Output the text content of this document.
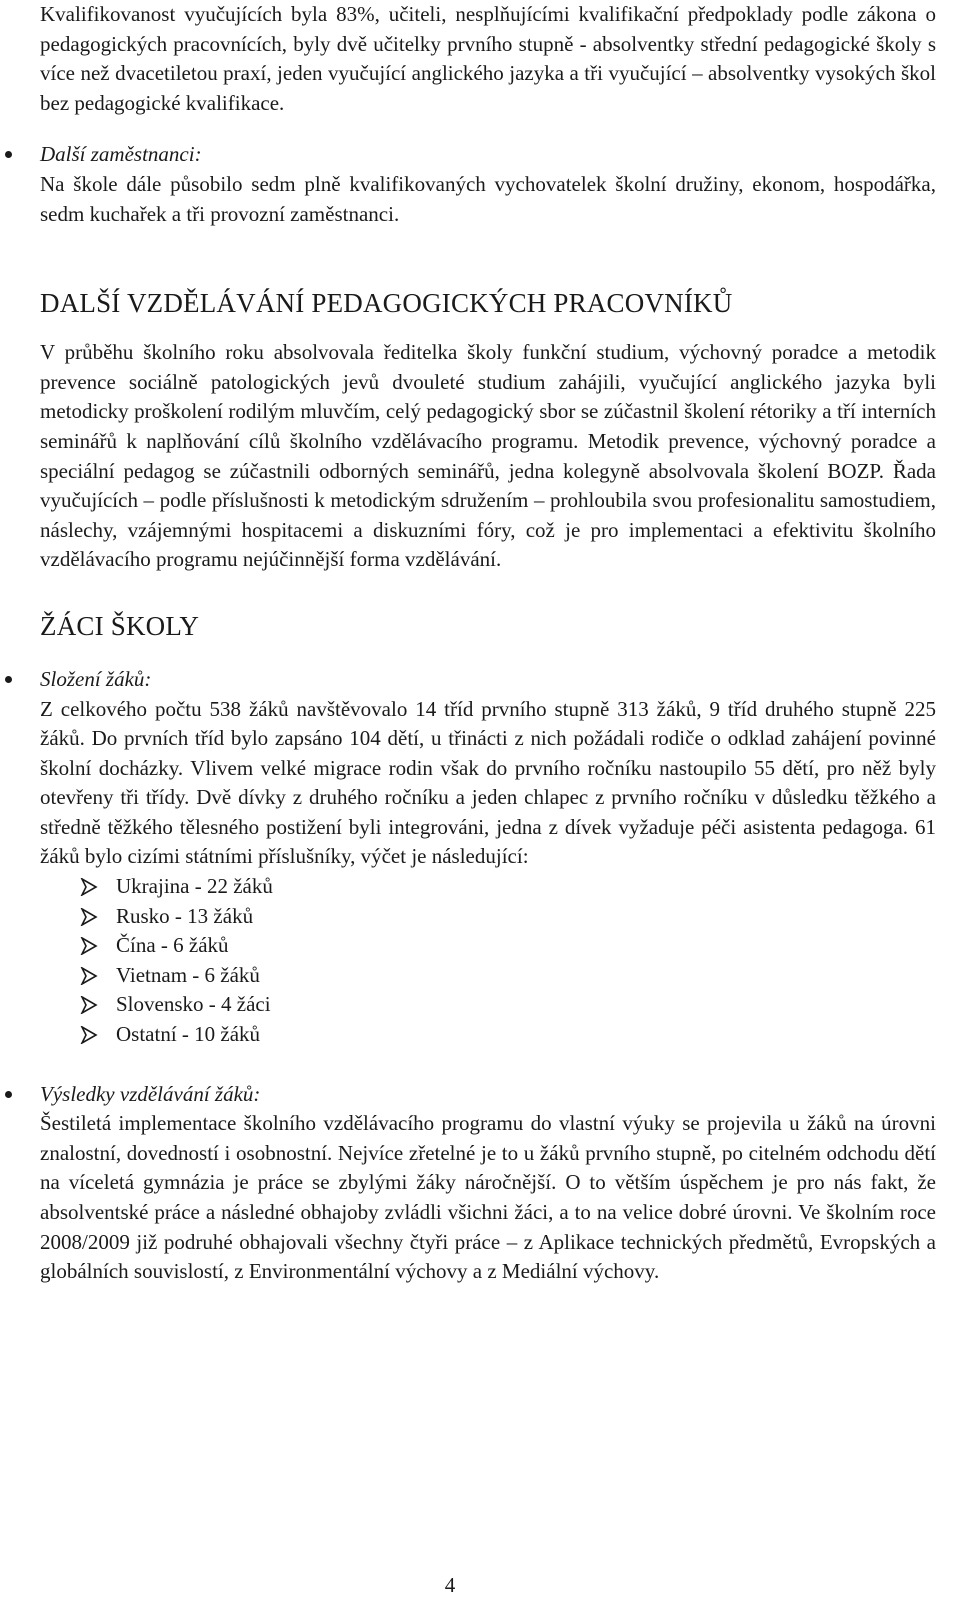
Kvalifikovanost vyučujících byla 83%, učiteli, nesplňujícími kvalifikační předpoklady podle zákona o pedagogických pracovnících, byly dvě učitelky prvního stupně - absolventky střední pedagogické školy s více než dvacetiletou praxí, jeden vyučující anglického jazyka a tři vyučující – absolventky vysokých škol bez pedagogické kvalifikace.

Další zaměstnanci:

Na škole dále působilo sedm plně kvalifikovaných vychovatelek školní družiny, ekonom, hospodářka, sedm kuchařek a tři provozní zaměstnanci.

DALŠÍ VZDĚLÁVÁNÍ PEDAGOGICKÝCH PRACOVNÍKŮ

V průběhu školního roku absolvovala ředitelka školy funkční studium, výchovný poradce a metodik prevence sociálně patologických jevů dvouleté studium zahájili, vyučující anglického jazyka byli metodicky proškolení rodilým mluvčím, celý pedagogický sbor se zúčastnil školení rétoriky a tří interních seminářů k naplňování cílů školního vzdělávacího programu. Metodik prevence, výchovný poradce a speciální pedagog se zúčastnili odborných seminářů, jedna kolegyně absolvovala školení BOZP. Řada vyučujících – podle příslušnosti k metodickým sdružením – prohloubila svou profesionalitu samostudiem, náslechy, vzájemnými hospitacemi a diskuzními fóry, což je pro implementaci a efektivitu školního vzdělávacího programu nejúčinnější forma vzdělávání.

ŽÁCI ŠKOLY

Složení žáků:

Z celkového počtu 538 žáků navštěvovalo 14 tříd prvního stupně 313 žáků, 9 tříd druhého stupně 225 žáků. Do prvních tříd bylo zapsáno 104 dětí, u třinácti z nich požádali rodiče o odklad zahájení povinné školní docházky. Vlivem velké migrace rodin však do prvního ročníku nastoupilo 55 dětí, pro něž byly otevřeny tři třídy. Dvě dívky z druhého ročníku a jeden chlapec z prvního ročníku v důsledku těžkého a středně těžkého tělesného postižení byli integrováni, jedna z dívek vyžaduje péči asistenta pedagoga. 61 žáků bylo cizími státními příslušníky, výčet je následující:

Ukrajina - 22 žáků
Rusko - 13 žáků
Čína - 6 žáků
Vietnam - 6 žáků
Slovensko - 4 žáci
Ostatní - 10 žáků

Výsledky vzdělávání žáků:

Šestiletá implementace školního vzdělávacího programu do vlastní výuky se projevila u žáků na úrovni znalostní, dovedností i osobnostní. Nejvíce zřetelné je to u žáků prvního stupně, po citelném odchodu dětí na víceletá gymnázia je práce se zbylými žáky náročnější. O to větším úspěchem je pro nás fakt, že absolventské práce a následné obhajoby zvládli všichni žáci, a to na velice dobré úrovni. Ve školním roce 2008/2009 již podruhé obhajovali všechny čtyři práce – z Aplikace technických předmětů, Evropských a globálních souvislostí, z Environmentální výchovy a z Mediální výchovy.

4
